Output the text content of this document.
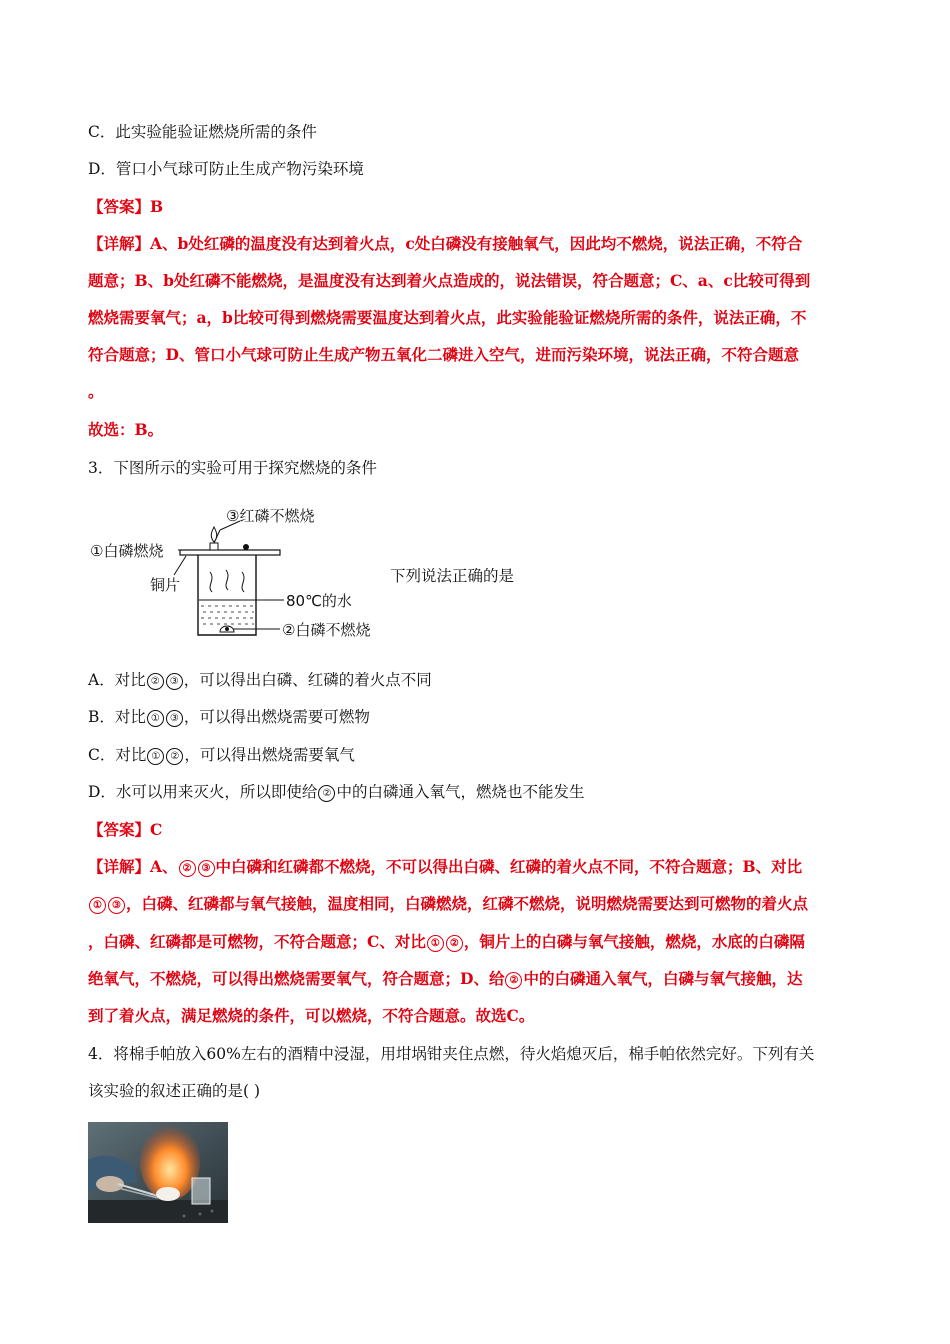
C．此实验能验证燃烧所需的条件
D．管口小气球可防止生成产物污染环境
【答案】B
【详解】A、b处红磷的温度没有达到着火点，c处白磷没有接触氧气，因此均不燃烧，说法正确，不符合
题意；B、b处红磷不能燃烧，是温度没有达到着火点造成的，说法错误，符合题意；C、a、c比较可得到
燃烧需要氧气；a，b比较可得到燃烧需要温度达到着火点，此实验能验证燃烧所需的条件，说法正确，不
符合题意；D、管口小气球可防止生成产物五氧化二磷进入空气，进而污染环境，说法正确，不符合题意
。
故选：B。
3．下图所示的实验可用于探究燃烧的条件
③红磷不燃烧
①白磷燃烧
铜片
80℃的水
②白磷不燃烧
下列说法正确的是
A．对比 ② ③ ，可以得出白磷、红磷的着火点不同
B．对比 ① ③ ，可以得出燃烧需要可燃物
C．对比 ① ② ，可以得出燃烧需要氧气
D．水可以用来灭火，所以即使给 ② 中的白磷通入氧气，燃烧也不能发生
【答案】C
【详解】A、 ② ③ 中白磷和红磷都不燃烧，不可以得出白磷、红磷的着火点不同，不符合题意；B、对比
① ③ ，白磷、红磷都与氧气接触，温度相同，白磷燃烧，红磷不燃烧，说明燃烧需要达到可燃物的着火点
，白磷、红磷都是可燃物，不符合题意；C、对比 ① ② ，铜片上的白磷与氧气接触，燃烧，水底的白磷隔
绝氧气，不燃烧，可以得出燃烧需要氧气，符合题意；D、给 ② 中的白磷通入氧气，白磷与氧气接触，达
到了着火点，满足燃烧的条件，可以燃烧，不符合题意。故选C。
4．将棉手帕放入60%左右的酒精中浸湿，用坩埚钳夹住点燃，待火焰熄灭后，棉手帕依然完好。下列有关
该实验的叙述正确的是( )
